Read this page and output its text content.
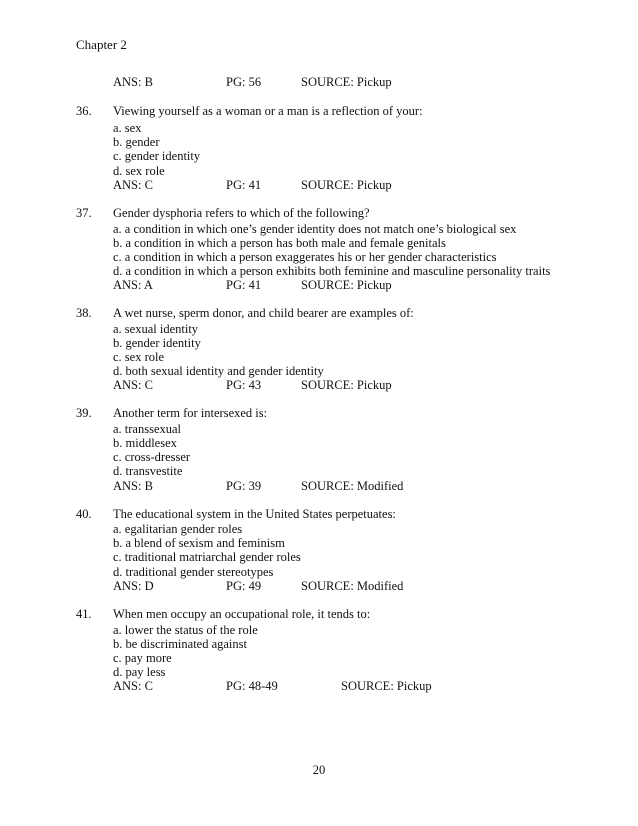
Chapter 2
ANS: B	PG: 56	SOURCE: Pickup
36. Viewing yourself as a woman or a man is a reflection of your:
a. sex
b. gender
c. gender identity
d. sex role
ANS: C	PG: 41	SOURCE: Pickup
37. Gender dysphoria refers to which of the following?
a. a condition in which one’s gender identity does not match one’s biological sex
b. a condition in which a person has both male and female genitals
c. a condition in which a person exaggerates his or her gender characteristics
d. a condition in which a person exhibits both feminine and masculine personality traits
ANS: A	PG: 41	SOURCE: Pickup
38. A wet nurse, sperm donor, and child bearer are examples of:
a. sexual identity
b. gender identity
c. sex role
d. both sexual identity and gender identity
ANS: C	PG: 43	SOURCE: Pickup
39. Another term for intersexed is:
a. transsexual
b. middlesex
c. cross-dresser
d. transvestite
ANS: B	PG: 39	SOURCE: Modified
40. The educational system in the United States perpetuates:
a. egalitarian gender roles
b. a blend of sexism and feminism
c. traditional matriarchal gender roles
d. traditional gender stereotypes
ANS: D	PG: 49	SOURCE: Modified
41. When men occupy an occupational role, it tends to:
a. lower the status of the role
b. be discriminated against
c. pay more
d. pay less
ANS: C	PG: 48-49	SOURCE: Pickup
20
